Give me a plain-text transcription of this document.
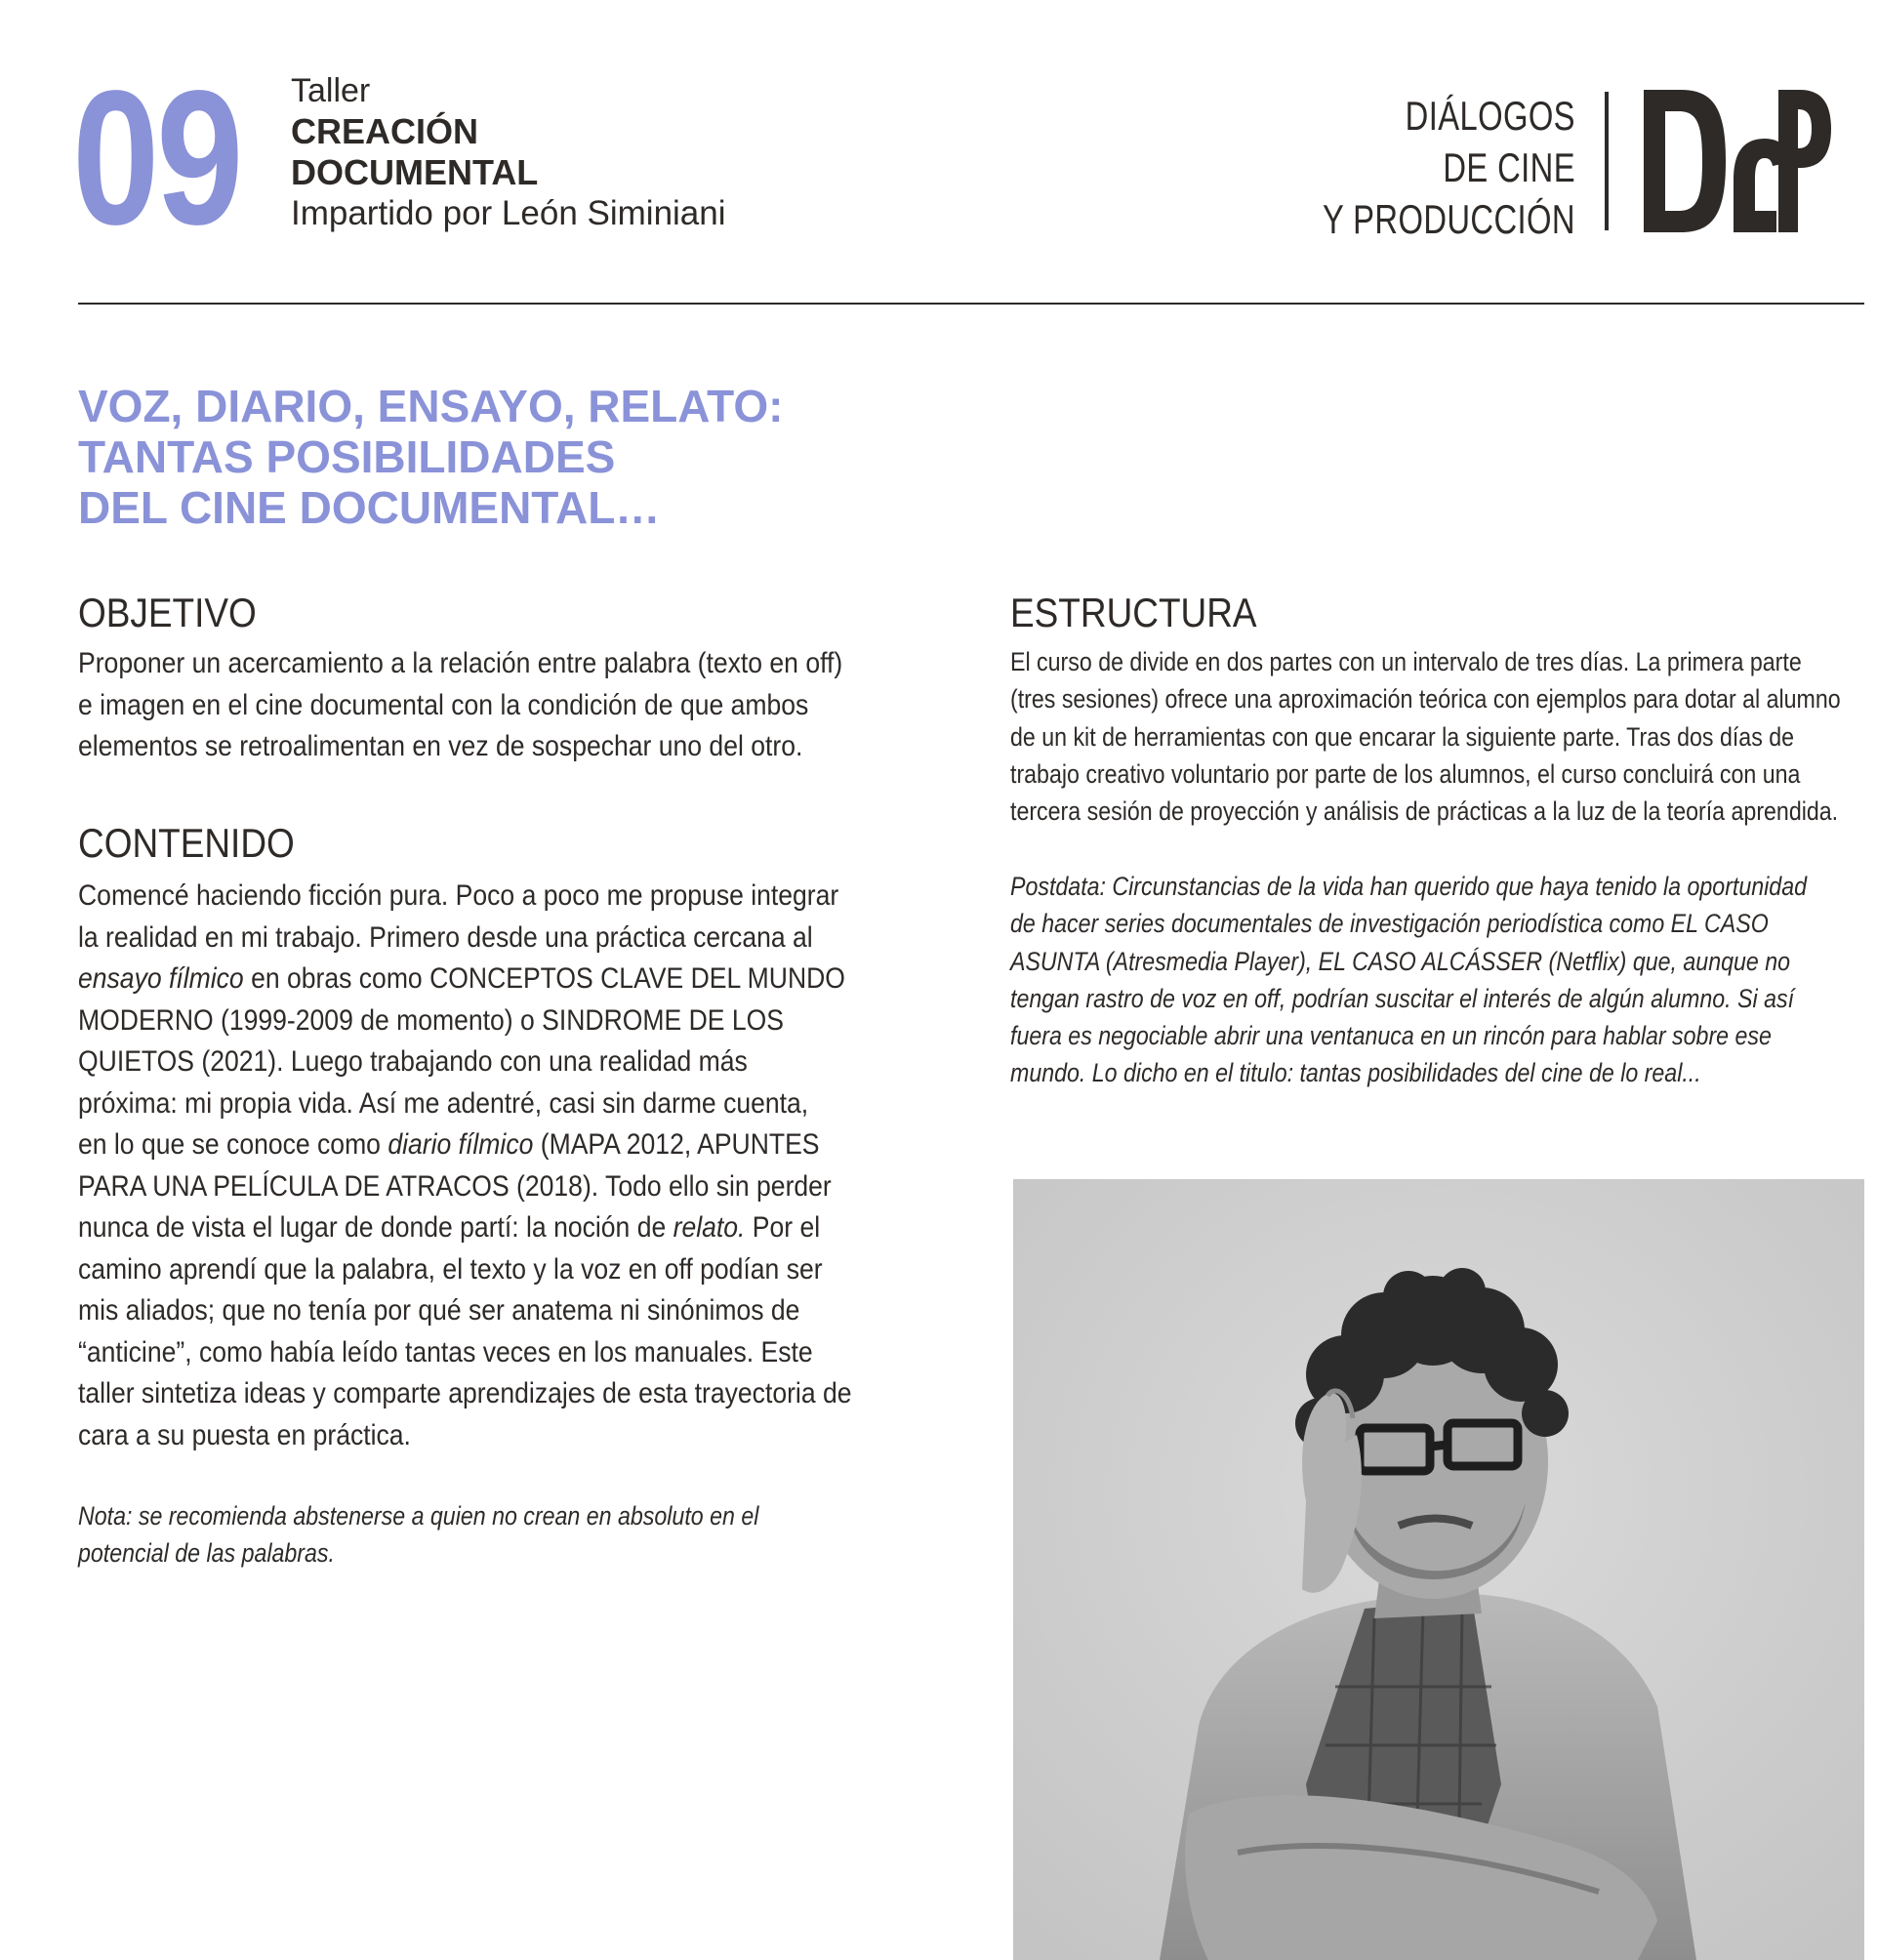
09 Taller
CREACIÓN
DOCUMENTAL
Impartido por León Siminiani
DIÁLOGOS
DE CINE
Y PRODUCCIÓN
VOZ, DIARIO, ENSAYO, RELATO:
TANTAS POSIBILIDADES
DEL CINE DOCUMENTAL…
OBJETIVO
Proponer un acercamiento a la relación entre palabra (texto en off)
e imagen en el cine documental con la condición de que ambos
elementos se retroalimentan en vez de sospechar uno del otro.
CONTENIDO
Comencé haciendo ficción pura. Poco a poco me propuse integrar
la realidad en mi trabajo. Primero desde una práctica cercana al
ensayo fílmico en obras como CONCEPTOS CLAVE DEL MUNDO
MODERNO (1999-2009 de momento) o SINDROME DE LOS
QUIETOS (2021). Luego trabajando con una realidad más
próxima: mi propia vida. Así me adentré, casi sin darme cuenta,
en lo que se conoce como diario fílmico (MAPA 2012, APUNTES
PARA UNA PELÍCULA DE ATRACOS (2018). Todo ello sin perder
nunca de vista el lugar de donde partí: la noción de relato. Por el
camino aprendí que la palabra, el texto y la voz en off podían ser
mis aliados; que no tenía por qué ser anatema ni sinónimos de
“anticine”, como había leído tantas veces en los manuales. Este
taller sintetiza ideas y comparte aprendizajes de esta trayectoria de
cara a su puesta en práctica.
Nota: se recomienda abstenerse a quien no crean en absoluto en el
potencial de las palabras.
ESTRUCTURA
El curso de divide en dos partes con un intervalo de tres días. La primera parte
(tres sesiones) ofrece una aproximación teórica con ejemplos para dotar al alumno
de un kit de herramientas con que encarar la siguiente parte. Tras dos días de
trabajo creativo voluntario por parte de los alumnos, el curso concluirá con una
tercera sesión de proyección y análisis de prácticas a la luz de la teoría aprendida.
Postdata: Circunstancias de la vida han querido que haya tenido la oportunidad
de hacer series documentales de investigación periodística como EL CASO
ASUNTA (Atresmedia Player), EL CASO ALCÁSSER (Netflix) que, aunque no
tengan rastro de voz en off, podrían suscitar el interés de algún alumno. Si así
fuera es negociable abrir una ventanuca en un rincón para hablar sobre ese
mundo. Lo dicho en el titulo: tantas posibilidades del cine de lo real...
